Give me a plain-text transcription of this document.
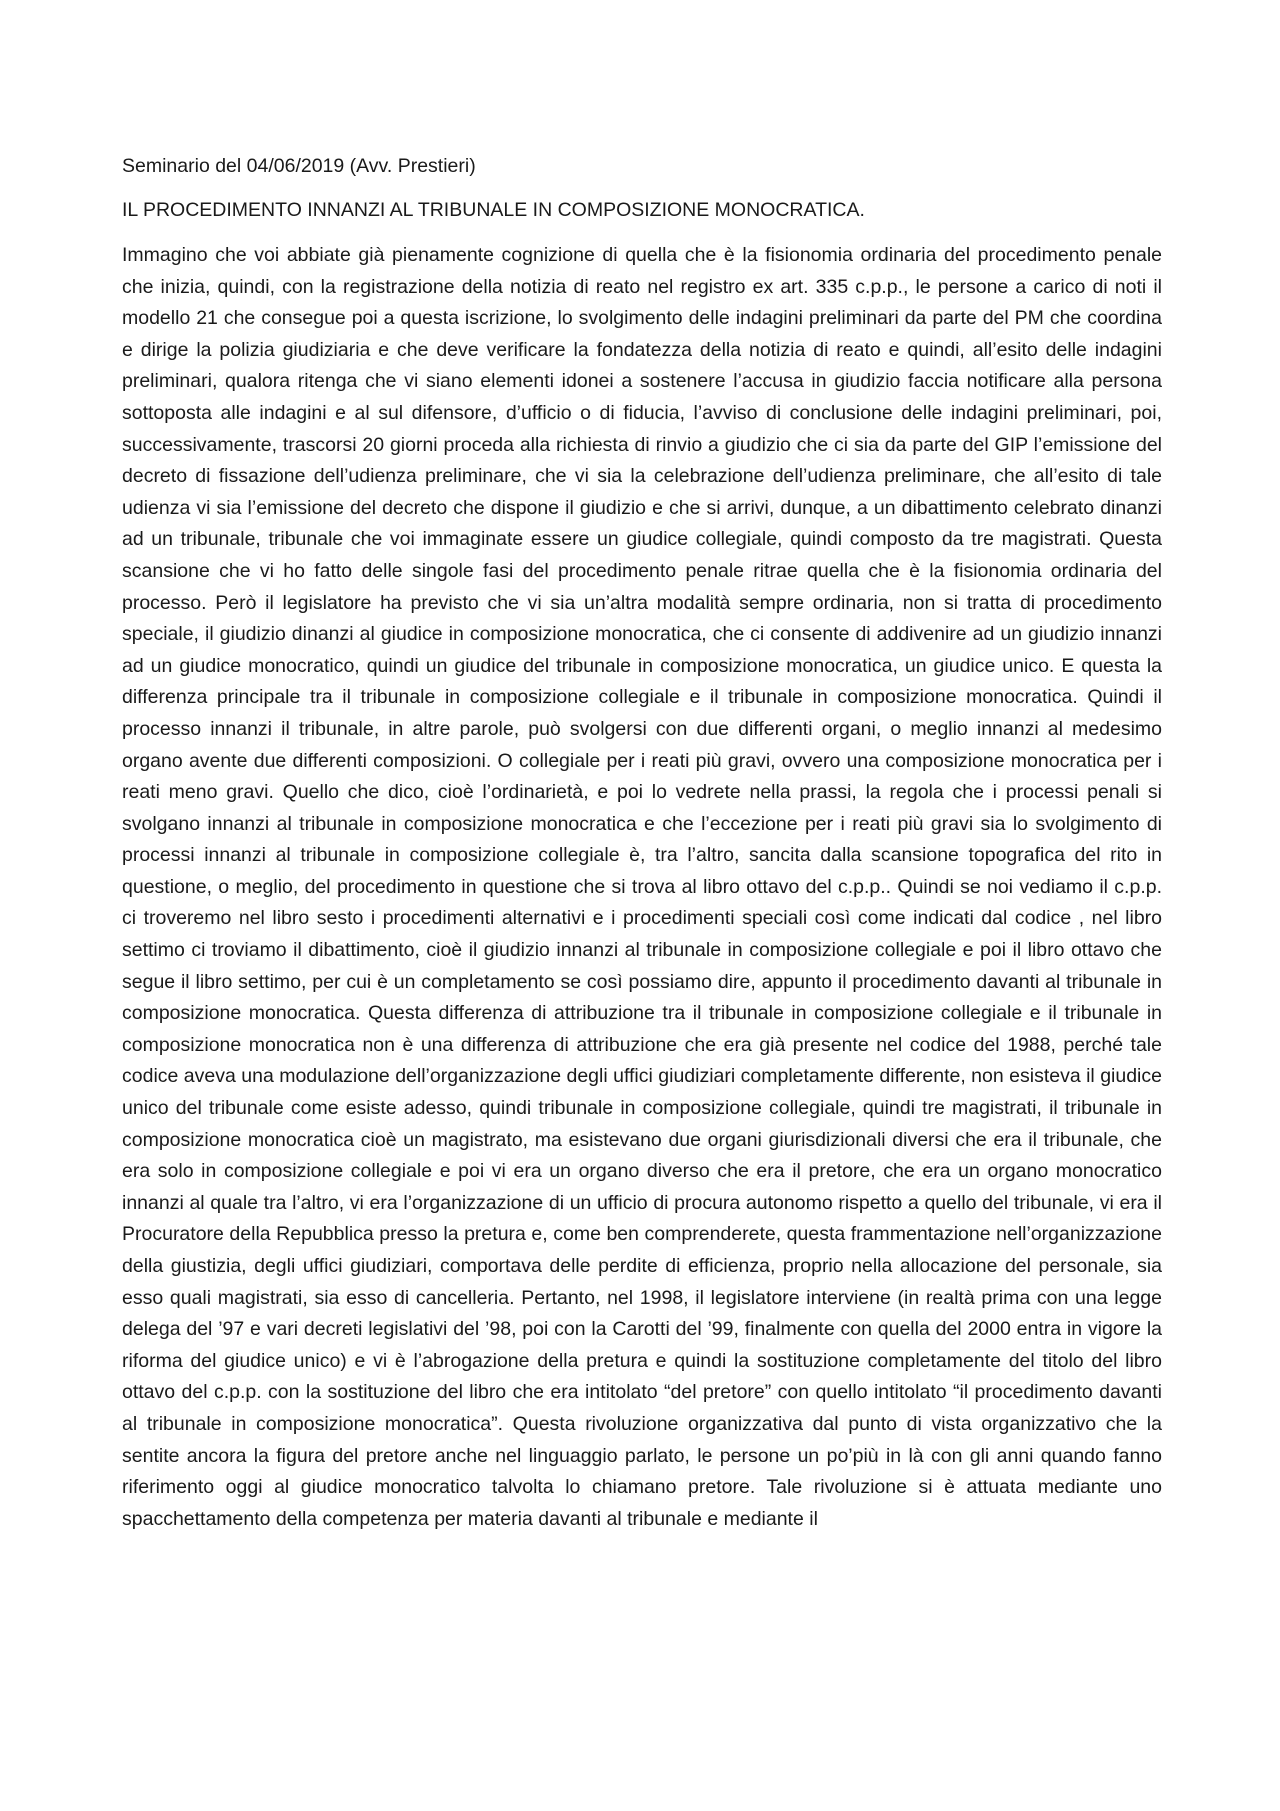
Seminario del 04/06/2019 (Avv. Prestieri)

IL PROCEDIMENTO INNANZI AL TRIBUNALE IN COMPOSIZIONE MONOCRATICA.

Immagino che voi abbiate già pienamente cognizione di quella che è la fisionomia ordinaria del procedimento penale che inizia, quindi, con la registrazione della notizia di reato nel registro ex art. 335 c.p.p., le persone a carico di noti il modello 21 che consegue poi a questa iscrizione, lo svolgimento delle indagini preliminari da parte del PM che coordina e dirige la polizia giudiziaria e che deve verificare la fondatezza della notizia di reato e quindi, all’esito delle indagini preliminari, qualora ritenga che vi siano elementi idonei a sostenere l’accusa in giudizio faccia notificare alla persona sottoposta alle indagini e al sul difensore, d’ufficio o di fiducia, l’avviso di conclusione delle indagini preliminari, poi, successivamente, trascorsi 20 giorni proceda alla richiesta di rinvio a giudizio che ci sia da parte del GIP l’emissione del decreto di fissazione dell’udienza preliminare, che vi sia la celebrazione dell’udienza preliminare, che all’esito di tale udienza vi sia l’emissione del decreto che dispone il giudizio e che si arrivi, dunque, a un dibattimento celebrato dinanzi ad un tribunale, tribunale che voi immaginate essere un giudice collegiale, quindi composto da tre magistrati. Questa scansione che vi ho fatto delle singole fasi del procedimento penale ritrae quella che è la fisionomia ordinaria del processo. Però il legislatore ha previsto che vi sia un’altra modalità sempre ordinaria, non si tratta di procedimento speciale, il giudizio dinanzi al giudice in composizione monocratica, che ci consente di addivenire ad un giudizio innanzi ad un giudice monocratico, quindi un giudice del tribunale in composizione monocratica, un giudice unico. E questa la differenza principale tra il tribunale in composizione collegiale e il tribunale in composizione monocratica. Quindi il processo innanzi il tribunale, in altre parole, può svolgersi con due differenti organi, o meglio innanzi al medesimo organo avente due differenti composizioni. O collegiale per i reati più gravi, ovvero una composizione monocratica per i reati meno gravi. Quello che dico, cioè l’ordinarietà, e poi lo vedrete nella prassi, la regola che i processi penali si svolgano innanzi al tribunale in composizione monocratica e che l’eccezione per i reati più gravi sia lo svolgimento di processi innanzi al tribunale in composizione collegiale è, tra l’altro, sancita dalla scansione topografica del rito in questione, o meglio, del procedimento in questione che si trova al libro ottavo del c.p.p.. Quindi se noi vediamo il c.p.p. ci troveremo nel libro sesto i procedimenti alternativi e i procedimenti speciali così come indicati dal codice , nel libro settimo ci troviamo il dibattimento, cioè il giudizio innanzi al tribunale in composizione collegiale e poi il libro ottavo che segue il libro settimo, per cui è un completamento se così possiamo dire, appunto il procedimento davanti al tribunale in composizione monocratica. Questa differenza di attribuzione tra il tribunale in composizione collegiale e il tribunale in composizione monocratica non è una differenza di attribuzione che era già presente nel codice del 1988, perché tale codice aveva una modulazione dell’organizzazione degli uffici giudiziari completamente differente, non esisteva il giudice unico del tribunale come esiste adesso, quindi tribunale in composizione collegiale, quindi tre magistrati, il tribunale in composizione monocratica cioè un magistrato, ma esistevano due organi giurisdizionali diversi che era il tribunale, che era solo in composizione collegiale e poi vi era un organo diverso che era il pretore, che era un organo monocratico innanzi al quale tra l’altro, vi era l’organizzazione di un ufficio di procura autonomo rispetto a quello del tribunale, vi era il Procuratore della Repubblica presso la pretura e, come ben comprenderete, questa frammentazione nell’organizzazione della giustizia, degli uffici giudiziari, comportava delle perdite di efficienza, proprio nella allocazione del personale, sia esso quali magistrati, sia esso di cancelleria. Pertanto, nel 1998, il legislatore interviene (in realtà prima con una legge delega del ’97 e vari decreti legislativi del ’98, poi con la Carotti del ’99, finalmente con quella del 2000 entra in vigore la riforma del giudice unico) e vi è l’abrogazione della pretura e quindi la sostituzione completamente del titolo del libro ottavo del c.p.p. con la sostituzione del libro che era intitolato “del pretore” con quello intitolato “il procedimento davanti al tribunale in composizione monocratica”. Questa rivoluzione organizzativa dal punto di vista organizzativo che la sentite ancora la figura del pretore anche nel linguaggio parlato, le persone un po’più in là con gli anni quando fanno riferimento oggi al giudice monocratico talvolta lo chiamano pretore. Tale rivoluzione si è attuata mediante uno spacchettamento della competenza per materia davanti al tribunale e mediante il
